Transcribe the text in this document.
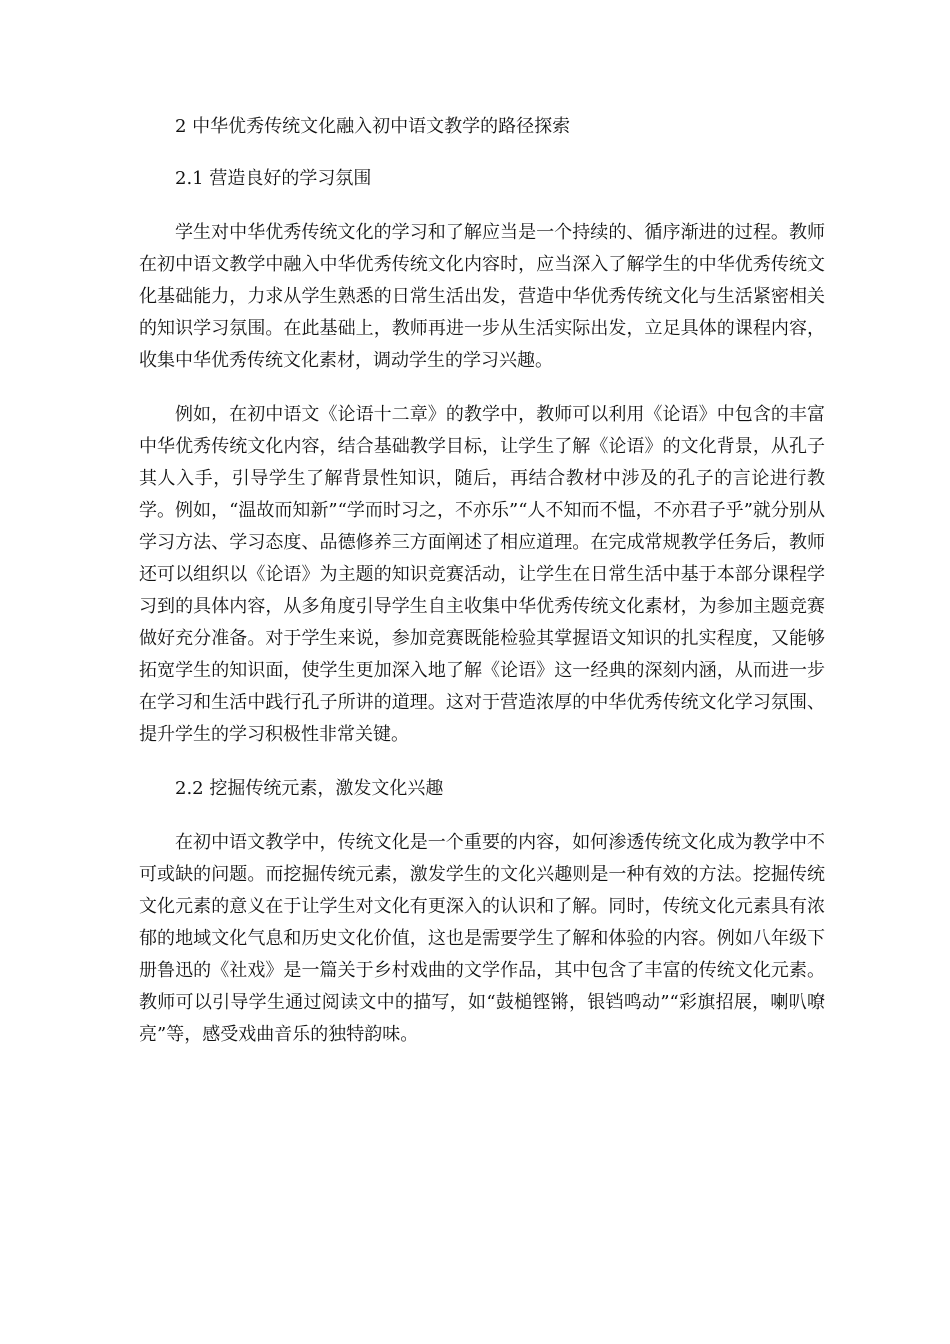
2 中华优秀传统文化融入初中语文教学的路径探索
2.1 营造良好的学习氛围

学生对中华优秀传统文化的学习和了解应当是一个持续的、循序渐进的过程。教师在初中语文教学中融入中华优秀传统文化内容时，应当深入了解学生的中华优秀传统文化基础能力，力求从学生熟悉的日常生活出发，营造中华优秀传统文化与生活紧密相关的知识学习氛围。在此基础上，教师再进一步从生活实际出发，立足具体的课程内容，收集中华优秀传统文化素材，调动学生的学习兴趣。

例如，在初中语文《论语十二章》的教学中，教师可以利用《论语》中包含的丰富中华优秀传统文化内容，结合基础教学目标，让学生了解《论语》的文化背景，从孔子其人入手，引导学生了解背景性知识，随后，再结合教材中涉及的孔子的言论进行教学。例如，“温故而知新”“学而时习之，不亦乐”“人不知而不愠，不亦君子乎”就分别从学习方法、学习态度、品德修养三方面阐述了相应道理。在完成常规教学任务后，教师还可以组织以《论语》为主题的知识竞赛活动，让学生在日常生活中基于本部分课程学习到的具体内容，从多角度引导学生自主收集中华优秀传统文化素材，为参加主题竞赛做好充分准备。对于学生来说，参加竞赛既能检验其掌握语文知识的扎实程度，又能够拓宽学生的知识面，使学生更加深入地了解《论语》这一经典的深刻内涵，从而进一步在学习和生活中践行孔子所讲的道理。这对于营造浓厚的中华优秀传统文化学习氛围、提升学生的学习积极性非常关键。

2.2 挖掘传统元素，激发文化兴趣

在初中语文教学中，传统文化是一个重要的内容，如何渗透传统文化成为教学中不可或缺的问题。而挖掘传统元素，激发学生的文化兴趣则是一种有效的方法。挖掘传统文化元素的意义在于让学生对文化有更深入的认识和了解。同时，传统文化元素具有浓郁的地域文化气息和历史文化价值，这也是需要学生了解和体验的内容。例如八年级下册鲁迅的《社戏》是一篇关于乡村戏曲的文学作品，其中包含了丰富的传统文化元素。教师可以引导学生通过阅读文中的描写，如“鼓槌铿锵，银铛鸣动”“彩旗招展，喇叭嘹亮”等，感受戏曲音乐的独特韵味。
